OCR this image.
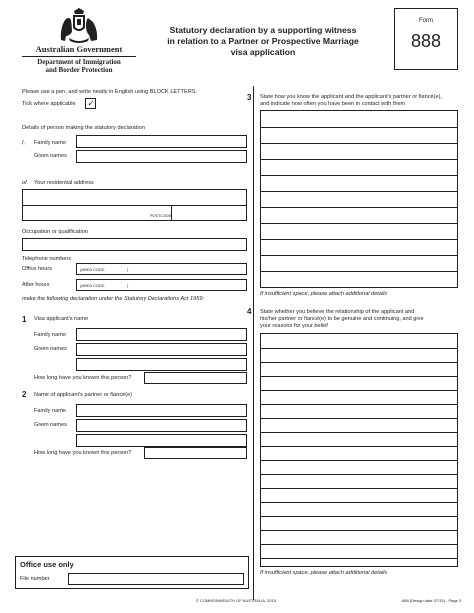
Australian Government
Department of Immigration
and Border Protection
Statutory declaration by a supporting witness
in relation to a Partner or Prospective Marriage
visa application
Form
888
Please use a pen, and write neatly in English using BLOCK LETTERS.
Tick where applicable ✓
Details of person making the statutory declaration
I, Family name
Given names
of Your residential address
POSTCODE
Occupation or qualification
Telephone numbers
Office hours	(AREA CODE	)
After hours	(AREA CODE	)
make the following declaration under the Statutory Declarations Act 1959:
1 Visa applicant's name
Family name
Given names
How long have you known this person?
2 Name of applicant's partner or fiancé(e)
Family name
Given names
How long have you known this person?
Office use only
File number
3 State how you know the applicant and the applicant's partner or fiancé(e),
and indicate how often you have been in contact with them
If insufficient space, please attach additional details
4 State whether you believe the relationship of the applicant and
his/her partner or fiancé(e) to be genuine and continuing, and give
your reasons for your belief
If insufficient space, please attach additional details
© COMMONWEALTH OF AUSTRALIA, 2015	888 (Design date 07/15) - Page 3
